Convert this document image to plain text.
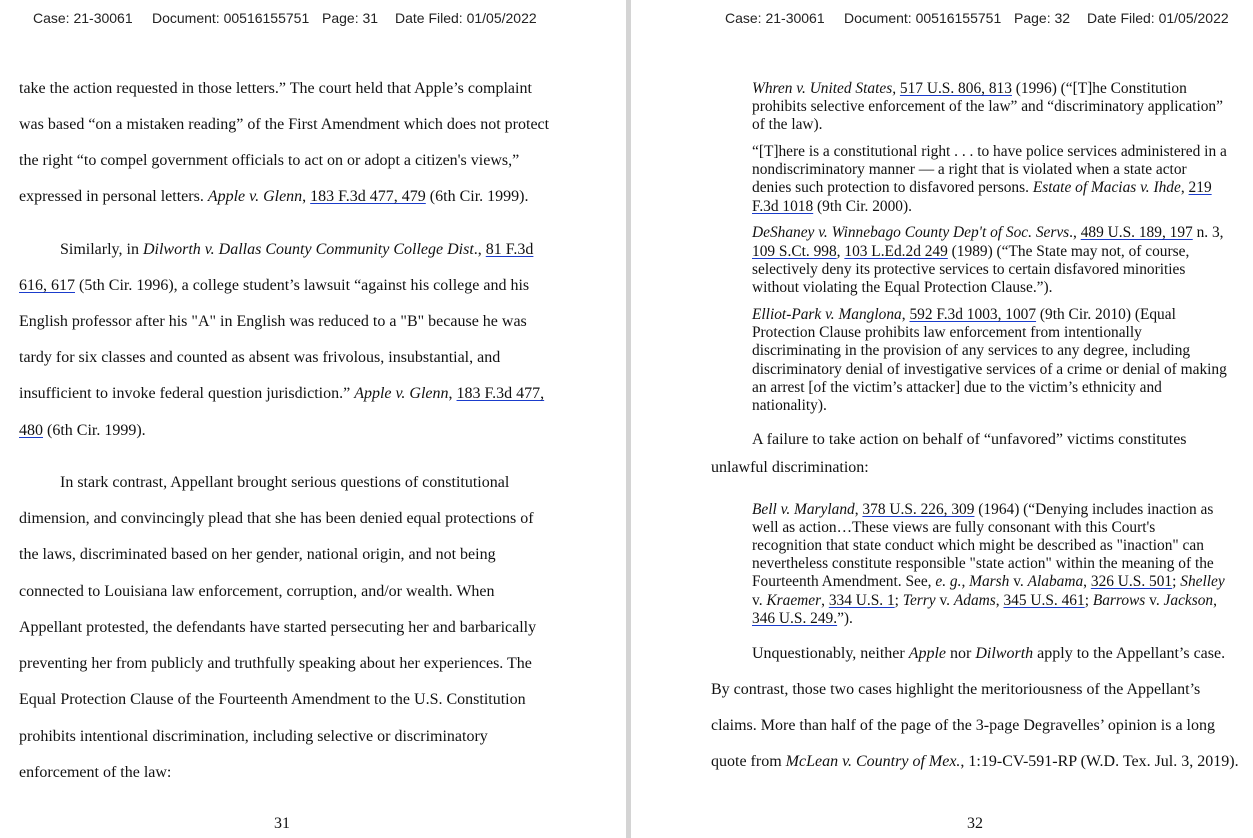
Case: 21-30061 Document: 00516155751 Page: 31 Date Filed: 01/05/2022
take the action requested in those letters.” The court held that Apple’s complaint
was based “on a mistaken reading” of the First Amendment which does not protect
the right “to compel government officials to act on or adopt a citizen's views,”
expressed in personal letters. Apple v. Glenn, 183 F.3d 477, 479 (6th Cir. 1999).
Similarly, in Dilworth v. Dallas County Community College Dist., 81 F.3d
616, 617 (5th Cir. 1996), a college student’s lawsuit “against his college and his
English professor after his "A" in English was reduced to a "B" because he was
tardy for six classes and counted as absent was frivolous, insubstantial, and
insufficient to invoke federal question jurisdiction.” Apple v. Glenn, 183 F.3d 477,
480 (6th Cir. 1999).
In stark contrast, Appellant brought serious questions of constitutional
dimension, and convincingly plead that she has been denied equal protections of
the laws, discriminated based on her gender, national origin, and not being
connected to Louisiana law enforcement, corruption, and/or wealth. When
Appellant protested, the defendants have started persecuting her and barbarically
preventing her from publicly and truthfully speaking about her experiences. The
Equal Protection Clause of the Fourteenth Amendment to the U.S. Constitution
prohibits intentional discrimination, including selective or discriminatory
enforcement of the law:
31
Case: 21-30061 Document: 00516155751 Page: 32 Date Filed: 01/05/2022
Whren v. United States, 517 U.S. 806, 813 (1996) (“[T]he Constitution
prohibits selective enforcement of the law” and “discriminatory application”
of the law).
“[T]here is a constitutional right . . . to have police services administered in a
nondiscriminatory manner — a right that is violated when a state actor
denies such protection to disfavored persons. Estate of Macias v. Ihde, 219
F.3d 1018 (9th Cir. 2000).
DeShaney v. Winnebago County Dep't of Soc. Servs., 489 U.S. 189, 197 n. 3,
109 S.Ct. 998, 103 L.Ed.2d 249 (1989) (“The State may not, of course,
selectively deny its protective services to certain disfavored minorities
without violating the Equal Protection Clause.”).
Elliot-Park v. Manglona, 592 F.3d 1003, 1007 (9th Cir. 2010) (Equal
Protection Clause prohibits law enforcement from intentionally
discriminating in the provision of any services to any degree, including
discriminatory denial of investigative services of a crime or denial of making
an arrest [of the victim’s attacker] due to the victim’s ethnicity and
nationality).
A failure to take action on behalf of “unfavored” victims constitutes
unlawful discrimination:
Bell v. Maryland, 378 U.S. 226, 309 (1964) (“Denying includes inaction as
well as action…These views are fully consonant with this Court's
recognition that state conduct which might be described as "inaction" can
nevertheless constitute responsible "state action" within the meaning of the
Fourteenth Amendment. See, e. g., Marsh v. Alabama, 326 U.S. 501; Shelley
v. Kraemer, 334 U.S. 1; Terry v. Adams, 345 U.S. 461; Barrows v. Jackson,
346 U.S. 249.”).
Unquestionably, neither Apple nor Dilworth apply to the Appellant’s case.
By contrast, those two cases highlight the meritoriousness of the Appellant’s
claims. More than half of the page of the 3-page Degravelles’ opinion is a long
quote from McLean v. Country of Mex., 1:19-CV-591-RP (W.D. Tex. Jul. 3, 2019).
32
